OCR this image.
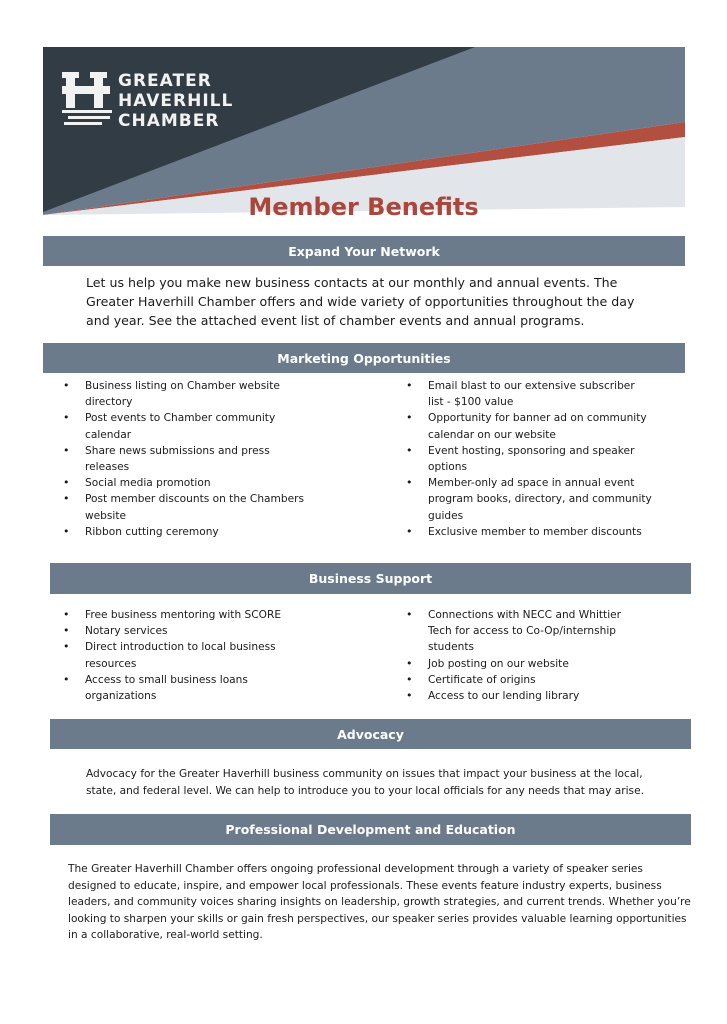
GREATER
HAVERHILL
CHAMBER
Member Benefits
Expand Your Network
Let us help you make new business contacts at our monthly and annual events. The
Greater Haverhill Chamber offers and wide variety of opportunities throughout the day
and year. See the attached event list of chamber events and annual programs.
Marketing Opportunities
• Business listing on Chamber website
directory
• Post events to Chamber community
calendar
• Share news submissions and press
releases
• Social media promotion
• Post member discounts on the Chambers
website
• Ribbon cutting ceremony
• Email blast to our extensive subscriber
list - $100 value
• Opportunity for banner ad on community
calendar on our website
• Event hosting, sponsoring and speaker
options
• Member-only ad space in annual event
program books, directory, and community
guides
• Exclusive member to member discounts
Business Support
• Free business mentoring with SCORE
• Notary services
• Direct introduction to local business
resources
• Access to small business loans
organizations
• Connections with NECC and Whittier
Tech for access to Co-Op/internship
students
• Job posting on our website
• Certificate of origins
• Access to our lending library
Advocacy
Advocacy for the Greater Haverhill business community on issues that impact your business at the local,
state, and federal level. We can help to introduce you to your local officials for any needs that may arise.
Professional Development and Education
The Greater Haverhill Chamber offers ongoing professional development through a variety of speaker series
designed to educate, inspire, and empower local professionals. These events feature industry experts, business
leaders, and community voices sharing insights on leadership, growth strategies, and current trends. Whether you’re
looking to sharpen your skills or gain fresh perspectives, our speaker series provides valuable learning opportunities
in a collaborative, real-world setting.
